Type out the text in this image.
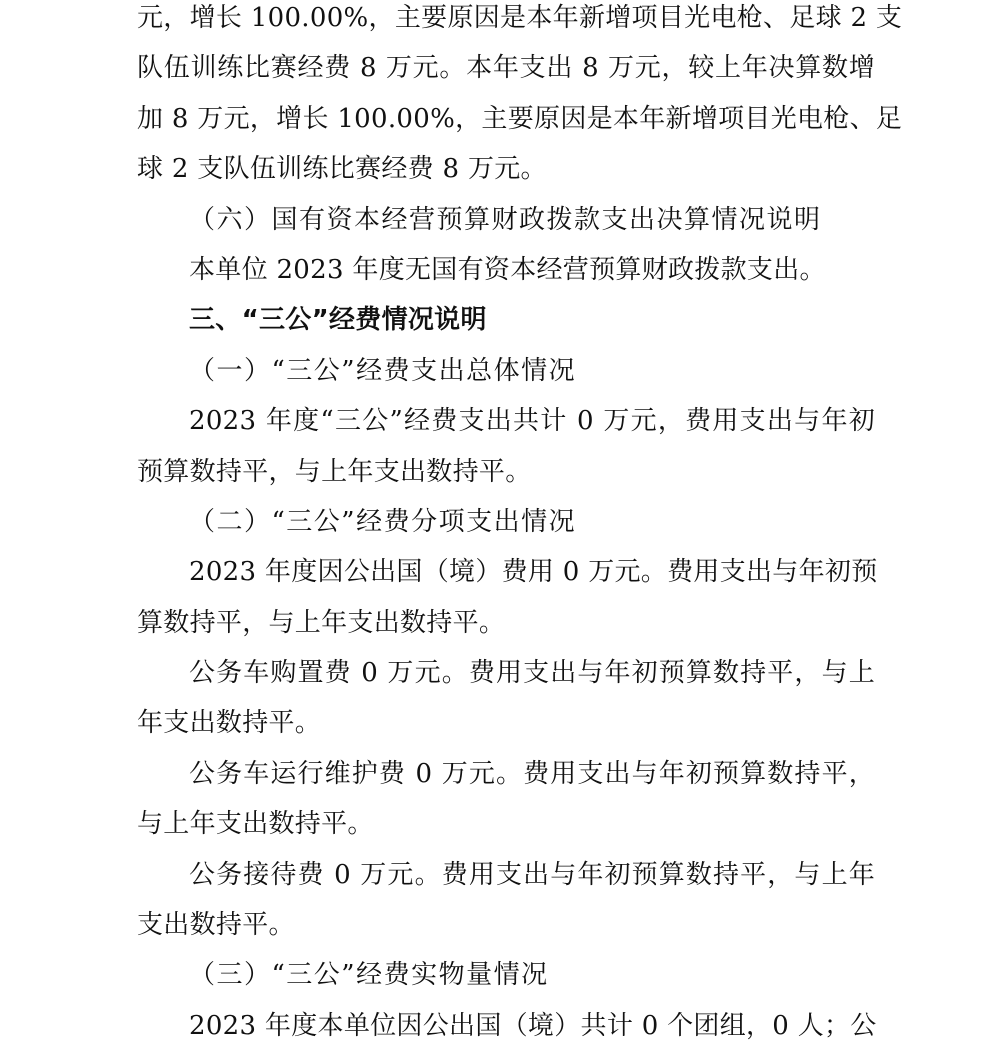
元，增长 100.00%，主要原因是本年新增项目光电枪、足球 2 支
队伍训练比赛经费 8 万元。本年支出 8 万元，较上年决算数增
加 8 万元，增长 100.00%，主要原因是本年新增项目光电枪、足
球 2 支队伍训练比赛经费 8 万元。
（六）国有资本经营预算财政拨款支出决算情况说明
本单位 2023 年度无国有资本经营预算财政拨款支出。
三、“三公”经费情况说明
（一）“三公”经费支出总体情况
2023 年度“三公”经费支出共计 0 万元，费用支出与年初
预算数持平，与上年支出数持平。
（二）“三公”经费分项支出情况
2023 年度因公出国（境）费用 0 万元。费用支出与年初预
算数持平，与上年支出数持平。
公务车购置费 0 万元。费用支出与年初预算数持平，与上
年支出数持平。
公务车运行维护费 0 万元。费用支出与年初预算数持平，
与上年支出数持平。
公务接待费 0 万元。费用支出与年初预算数持平，与上年
支出数持平。
（三）“三公”经费实物量情况
2023 年度本单位因公出国（境）共计 0 个团组，0 人；公
